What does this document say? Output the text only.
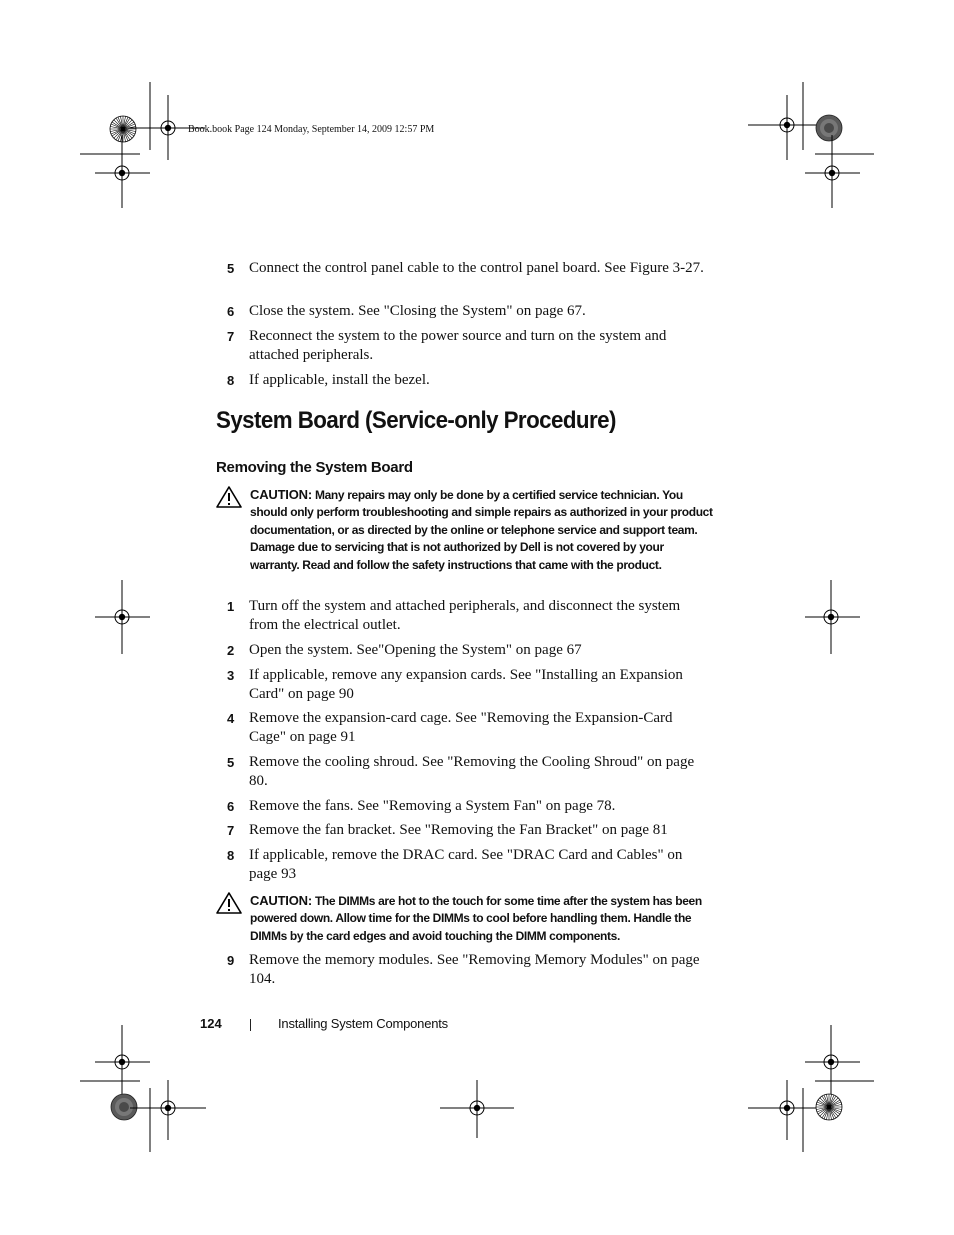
Book.book Page 124 Monday, September 14, 2009 12:57 PM
5 Connect the control panel cable to the control panel board. See Figure 3-27.
6 Close the system. See "Closing the System" on page 67.
7 Reconnect the system to the power source and turn on the system and attached peripherals.
8 If applicable, install the bezel.
System Board (Service-only Procedure)
Removing the System Board
CAUTION: Many repairs may only be done by a certified service technician. You should only perform troubleshooting and simple repairs as authorized in your product documentation, or as directed by the online or telephone service and support team. Damage due to servicing that is not authorized by Dell is not covered by your warranty. Read and follow the safety instructions that came with the product.
1 Turn off the system and attached peripherals, and disconnect the system from the electrical outlet.
2 Open the system. See"Opening the System" on page 67
3 If applicable, remove any expansion cards. See "Installing an Expansion Card" on page 90
4 Remove the expansion-card cage. See "Removing the Expansion-Card Cage" on page 91
5 Remove the cooling shroud. See "Removing the Cooling Shroud" on page 80.
6 Remove the fans. See "Removing a System Fan" on page 78.
7 Remove the fan bracket. See "Removing the Fan Bracket" on page 81
8 If applicable, remove the DRAC card. See "DRAC Card and Cables" on page 93
CAUTION: The DIMMs are hot to the touch for some time after the system has been powered down. Allow time for the DIMMs to cool before handling them. Handle the DIMMs by the card edges and avoid touching the DIMM components.
9 Remove the memory modules. See "Removing Memory Modules" on page 104.
124	Installing System Components
